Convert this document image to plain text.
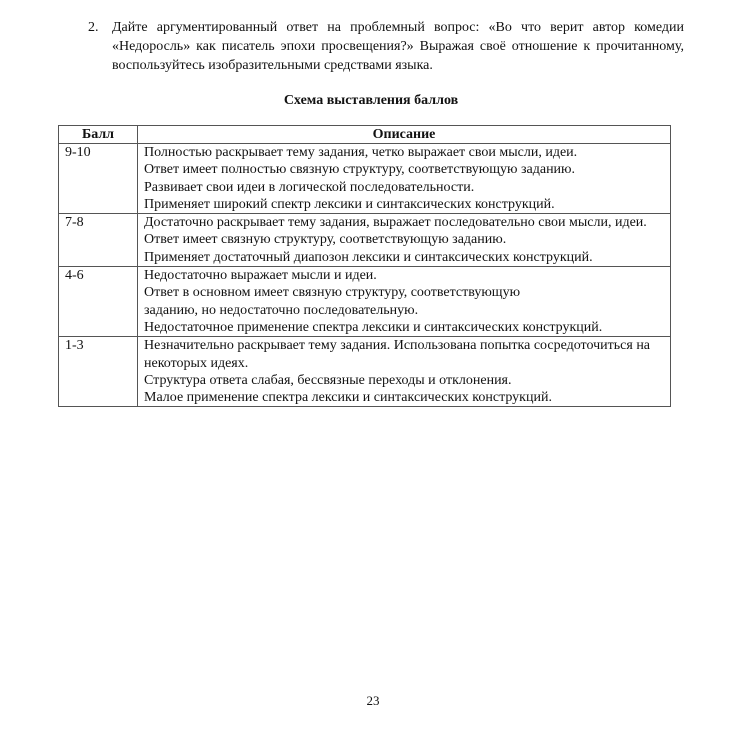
2. Дайте аргументированный ответ на проблемный вопрос: «Во что верит автор комедии «Недоросль» как писатель эпохи просвещения?» Выражая своё отношение к прочитанному, воспользуйтесь изобразительными средствами языка.
Схема выставления баллов
Балл	Описание
9-10	Полностью раскрывает тему задания, четко выражает свои мысли, идеи.
Ответ имеет полностью связную структуру, соответствующую заданию.
Развивает свои идеи в логической последовательности.
Применяет широкий спектр лексики и синтаксических конструкций.

7-8	Достаточно раскрывает тему задания, выражает последовательно свои мысли, идеи.
Ответ имеет связную структуру, соответствующую заданию.
Применяет достаточный диапозон лексики и синтаксических конструкций.

4-6	Недостаточно выражает мысли и идеи.
Ответ в основном имеет связную структуру, соответствующую
заданию, но недостаточно последовательную.
Недостаточное применение спектра лексики и синтаксических конструкций.

1-3	Незначительно раскрывает тему задания. Использована попытка сосредоточиться на некоторых идеях.
Структура ответа слабая, бессвязные переходы и отклонения.
Малое применение спектра лексики и синтаксических конструкций.
23
